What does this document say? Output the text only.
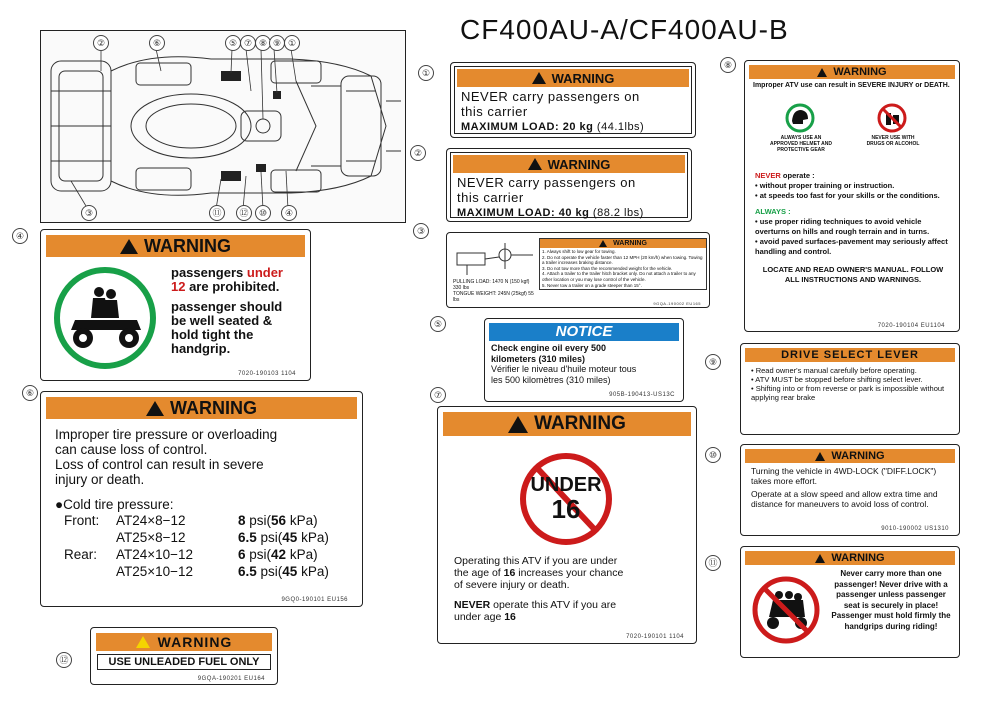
CF400AU-A/CF400AU-B
②	⑥	⑤ ⑦ ⑧ ⑨ ①
③	⑪	⑫	⑩	④
①
②
③
④
⑤
⑥	⑦
⑧
⑨
⑩
⑪
⑫
WARNING
NEVER carry passengers on
this carrier
MAXIMUM LOAD: 20 kg (44.1lbs)
WARNING
NEVER carry passengers on
this carrier
MAXIMUM LOAD: 40 kg (88.2 lbs)
PULLING LOAD: 1470 N (150 kgf) 330 lbs
TONGUE WEIGHT: 245N (25kgf) 55 lbs
WARNING
1. Always shift to low gear for towing.
2. Do not operate the vehicle faster than 12 MPH (20 km/h) when towing. Towing a trailer increases braking distance.
3. Do not tow more than the recommended weight for the vehicle.
4. Attach a trailer to the trailer hitch bracket only. Do not attach a trailer to any other location or you may lose control of the vehicle.
5. Never tow a trailer on a grade steeper than 15°.
9GQA-190002 EU165
WARNING
passengers under
12 are prohibited.
passenger should
be well seated &
hold tight the
handgrip.
7020-190103 1104
NOTICE
Check engine oil every 500
kilometers (310 miles)
Vérifier le niveau d'huile moteur tous
les 500 kilomètres (310 miles)
905B-190413-US13C
WARNING
Improper tire pressure or overloading
can cause loss of control.
Loss of control can result in severe
injury or death.
●Cold tire pressure:
Front:	AT24×8−12	8 psi(56 kPa)
	AT25×8−12	6.5 psi(45 kPa)
Rear:	AT24×10−12	6 psi(42 kPa)
	AT25×10−12	6.5 psi(45 kPa)
9GQ0-190101 EU156
WARNING
UNDER
16
Operating this ATV if you are under
the age of 16 increases your chance
of severe injury or death.
NEVER operate this ATV if you are
under age 16
7020-190101 1104
WARNING
Improper ATV use can result in SEVERE INJURY or DEATH.
ALWAYS USE AN APPROVED HELMET AND PROTECTIVE GEAR
NEVER USE WITH DRUGS OR ALCOHOL
NEVER operate :
• without proper training or instruction.
• at speeds too fast for your skills or the conditions.
ALWAYS :
• use proper riding techniques to avoid vehicle overturns on hills and rough terrain and in turns.
• avoid paved surfaces-pavement may seriously affect handling and control.
LOCATE AND READ OWNER'S MANUAL. FOLLOW ALL INSTRUCTIONS AND WARNINGS.
7020-190104 EU1104
DRIVE SELECT LEVER
• Read owner's manual carefully before operating.
• ATV MUST be stopped before shifting select lever.
• Shifting into or from reverse or park is impossible without applying rear brake
WARNING
Turning the vehicle in 4WD-LOCK ("DIFF.LOCK") takes more effort.
Operate at a slow speed and allow extra time and distance for maneuvers to avoid loss of control.
9010-190002 US1310
WARNING
Never carry more than one passenger! Never drive with a passenger unless passenger seat is securely in place! Passenger must hold firmly the handgrips during riding!
WARNING
USE UNLEADED FUEL ONLY
9GQA-190201 EU164
